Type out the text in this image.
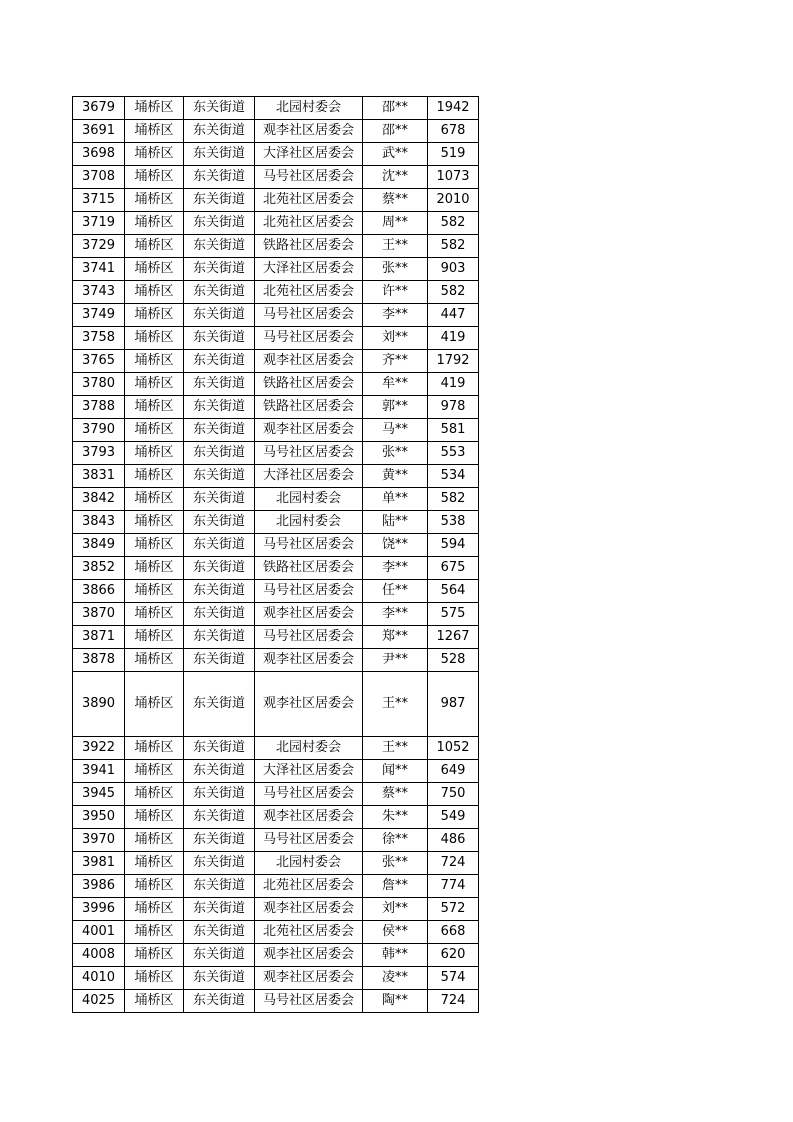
3679	埇桥区	东关街道	北园村委会	邵**	1942
3691	埇桥区	东关街道	观李社区居委会	邵**	678
3698	埇桥区	东关街道	大泽社区居委会	武**	519
3708	埇桥区	东关街道	马号社区居委会	沈**	1073
3715	埇桥区	东关街道	北苑社区居委会	蔡**	2010
3719	埇桥区	东关街道	北苑社区居委会	周**	582
3729	埇桥区	东关街道	铁路社区居委会	王**	582
3741	埇桥区	东关街道	大泽社区居委会	张**	903
3743	埇桥区	东关街道	北苑社区居委会	许**	582
3749	埇桥区	东关街道	马号社区居委会	李**	447
3758	埇桥区	东关街道	马号社区居委会	刘**	419
3765	埇桥区	东关街道	观李社区居委会	齐**	1792
3780	埇桥区	东关街道	铁路社区居委会	牟**	419
3788	埇桥区	东关街道	铁路社区居委会	郭**	978
3790	埇桥区	东关街道	观李社区居委会	马**	581
3793	埇桥区	东关街道	马号社区居委会	张**	553
3831	埇桥区	东关街道	大泽社区居委会	黄**	534
3842	埇桥区	东关街道	北园村委会	单**	582
3843	埇桥区	东关街道	北园村委会	陆**	538
3849	埇桥区	东关街道	马号社区居委会	饶**	594
3852	埇桥区	东关街道	铁路社区居委会	李**	675
3866	埇桥区	东关街道	马号社区居委会	任**	564
3870	埇桥区	东关街道	观李社区居委会	李**	575
3871	埇桥区	东关街道	马号社区居委会	郑**	1267
3878	埇桥区	东关街道	观李社区居委会	尹**	528
3890	埇桥区	东关街道	观李社区居委会	王**	987
3922	埇桥区	东关街道	北园村委会	王**	1052
3941	埇桥区	东关街道	大泽社区居委会	闻**	649
3945	埇桥区	东关街道	马号社区居委会	蔡**	750
3950	埇桥区	东关街道	观李社区居委会	朱**	549
3970	埇桥区	东关街道	马号社区居委会	徐**	486
3981	埇桥区	东关街道	北园村委会	张**	724
3986	埇桥区	东关街道	北苑社区居委会	詹**	774
3996	埇桥区	东关街道	观李社区居委会	刘**	572
4001	埇桥区	东关街道	北苑社区居委会	侯**	668
4008	埇桥区	东关街道	观李社区居委会	韩**	620
4010	埇桥区	东关街道	观李社区居委会	凌**	574
4025	埇桥区	东关街道	马号社区居委会	陶**	724
